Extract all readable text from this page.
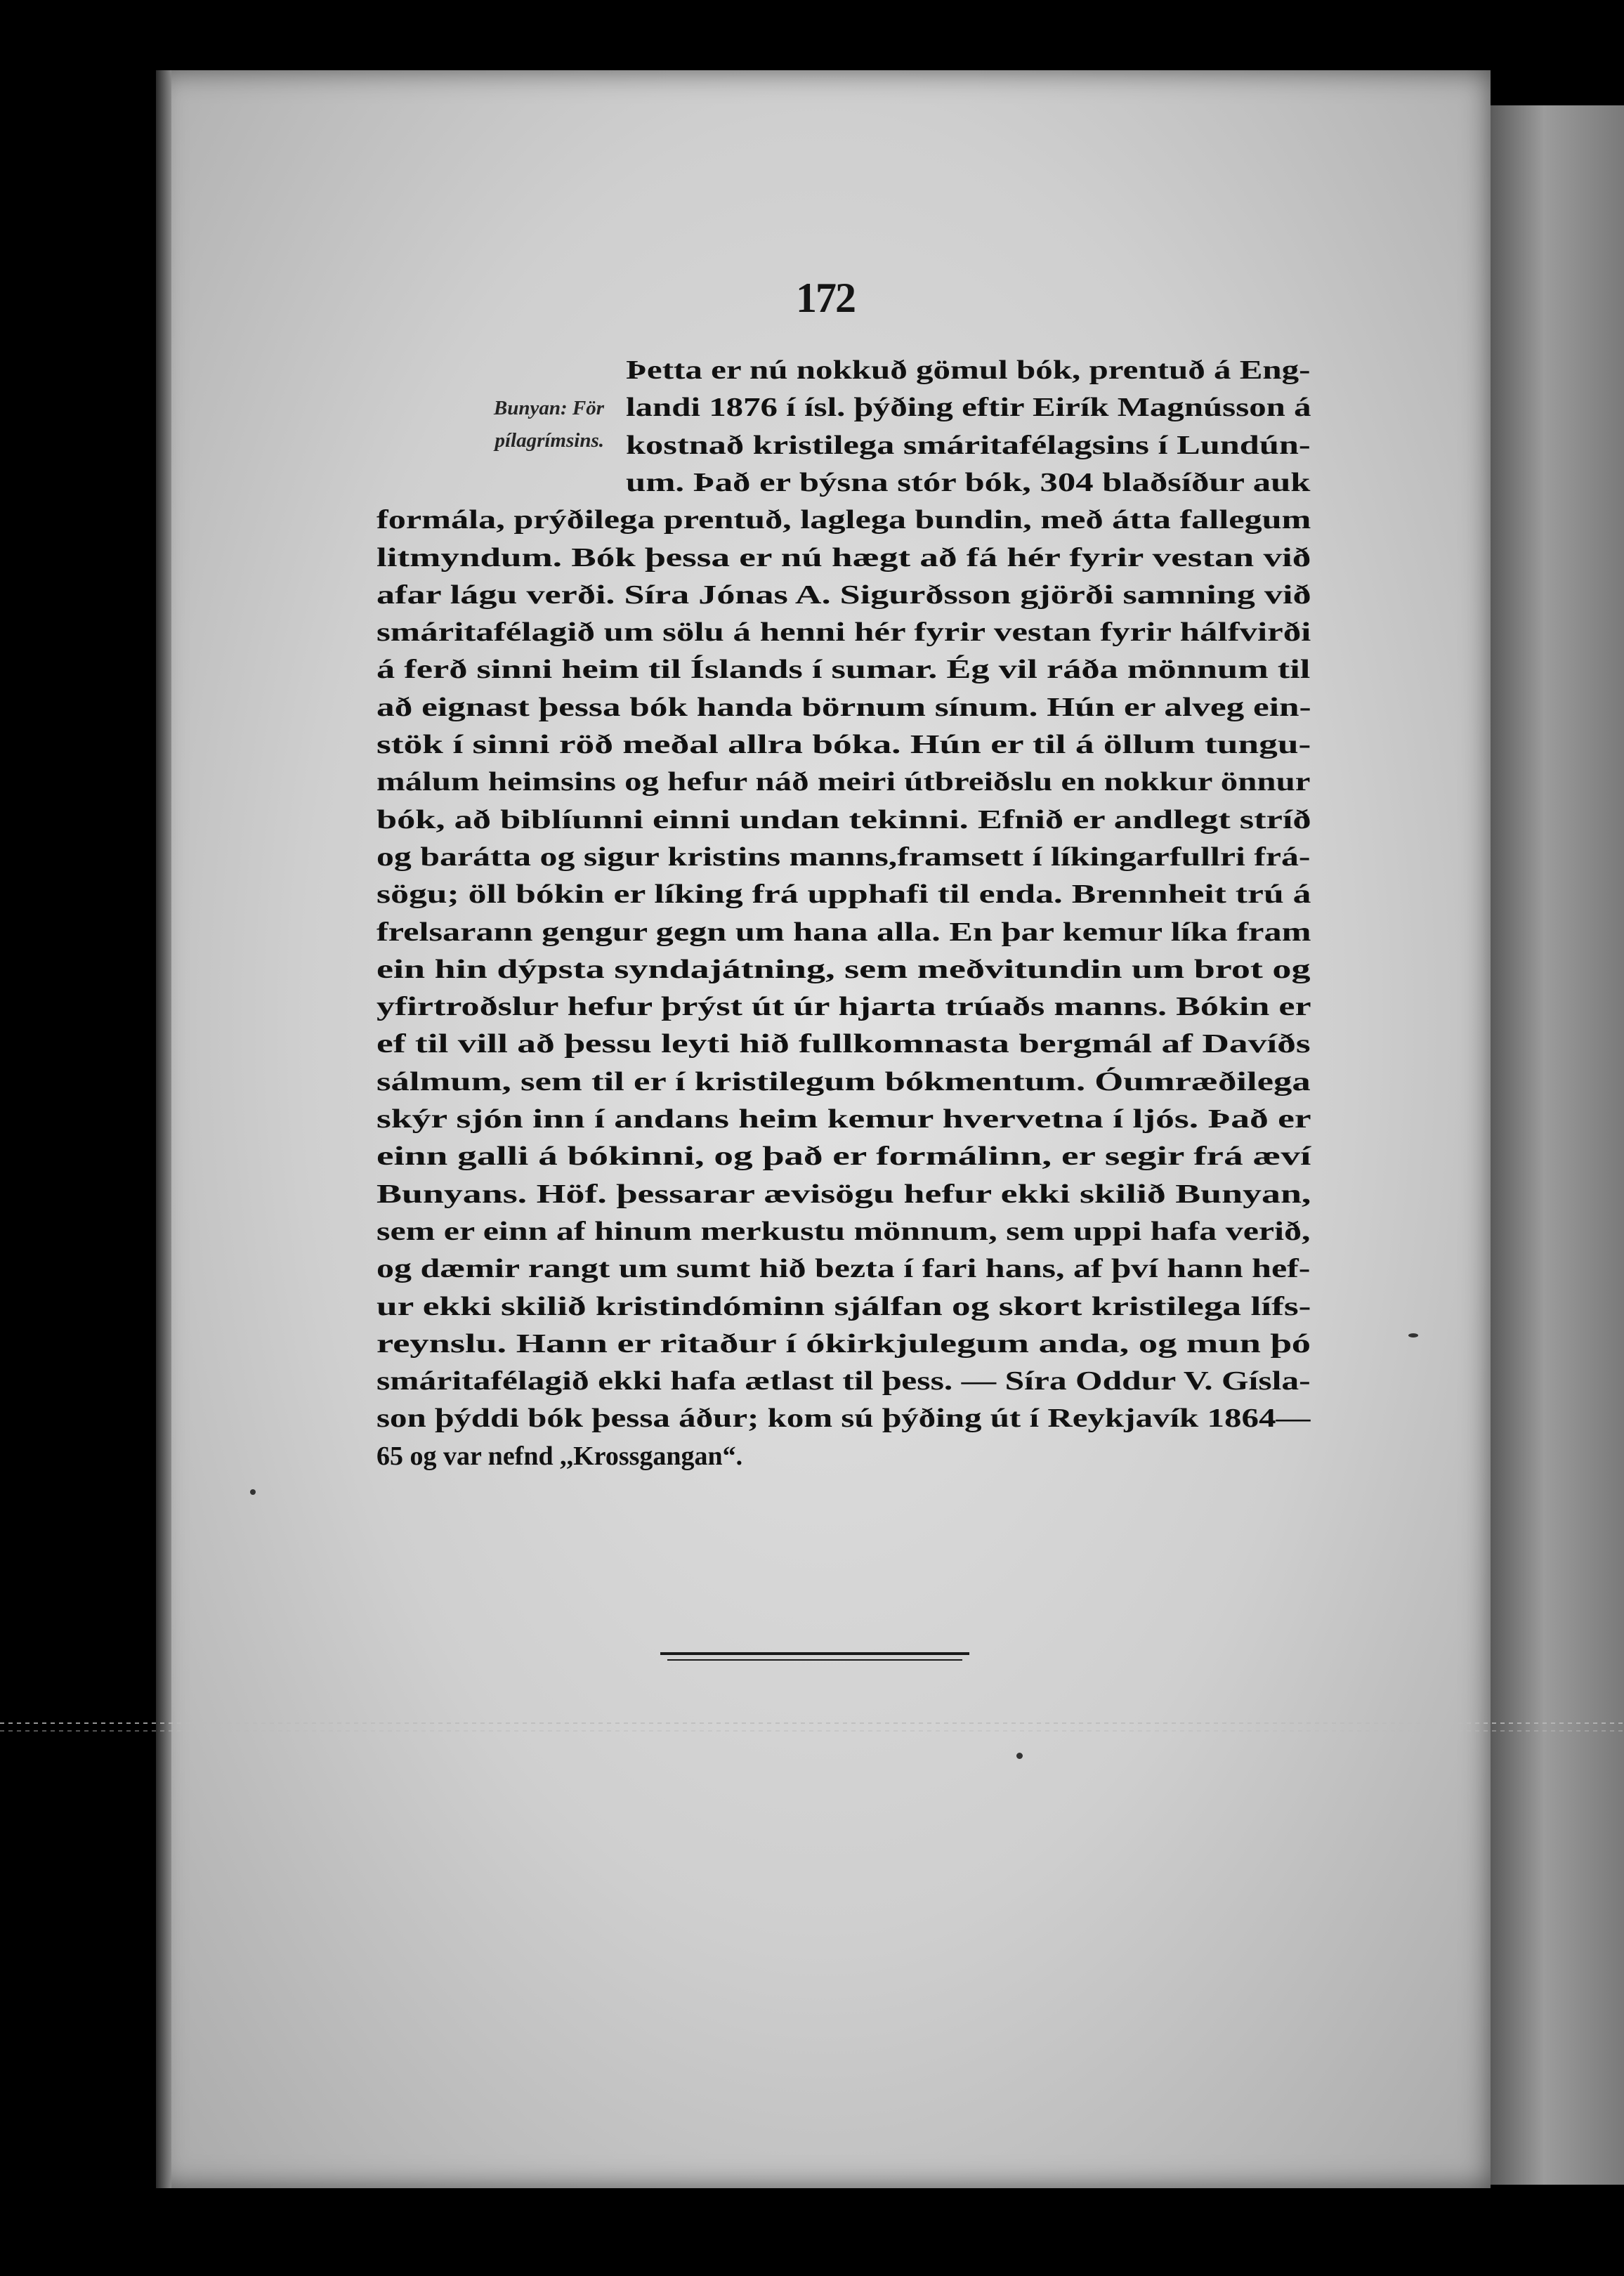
172
Bunyan: För
pílagrímsins.
Þetta er nú nokkuð gömul bók, prentuð á Eng-
landi 1876 í ísl. þýðing eftir Eirík Magnússon á
kostnað kristilega smáritafélagsins í Lundún-
um. Það er býsna stór bók, 304 blaðsíður auk
formála, prýðilega prentuð, laglega bundin, með átta fallegum
litmyndum. Bók þessa er nú hægt að fá hér fyrir vestan við
afar lágu verði. Síra Jónas A. Sigurðsson gjörði samning við
smáritafélagið um sölu á henni hér fyrir vestan fyrir hálfvirði
á ferð sinni heim til Íslands í sumar. Ég vil ráða mönnum til
að eignast þessa bók handa börnum sínum. Hún er alveg ein-
stök í sinni röð meðal allra bóka. Hún er til á öllum tungu-
málum heimsins og hefur náð meiri útbreiðslu en nokkur önnur
bók, að biblíunni einni undan tekinni. Efnið er andlegt stríð
og barátta og sigur kristins manns,framsett í líkingarfullri frá-
sögu; öll bókin er líking frá upphafi til enda. Brennheit trú á
frelsarann gengur gegn um hana alla. En þar kemur líka fram
ein hin dýpsta syndajátning, sem meðvitundin um brot og
yfirtroðslur hefur þrýst út úr hjarta trúaðs manns. Bókin er
ef til vill að þessu leyti hið fullkomnasta bergmál af Davíðs
sálmum, sem til er í kristilegum bókmentum. Óumræðilega
skýr sjón inn í andans heim kemur hvervetna í ljós. Það er
einn galli á bókinni, og það er formálinn, er segir frá æví
Bunyans. Höf. þessarar ævisögu hefur ekki skilið Bunyan,
sem er einn af hinum merkustu mönnum, sem uppi hafa verið,
og dæmir rangt um sumt hið bezta í fari hans, af því hann hef-
ur ekki skilið kristindóminn sjálfan og skort kristilega lífs-
reynslu. Hann er ritaður í ókirkjulegum anda, og mun þó
smáritafélagið ekki hafa ætlast til þess. — Síra Oddur V. Gísla-
son þýddi bók þessa áður; kom sú þýðing út í Reykjavík 1864—
65 og var nefnd ,,Krossgangan“.
